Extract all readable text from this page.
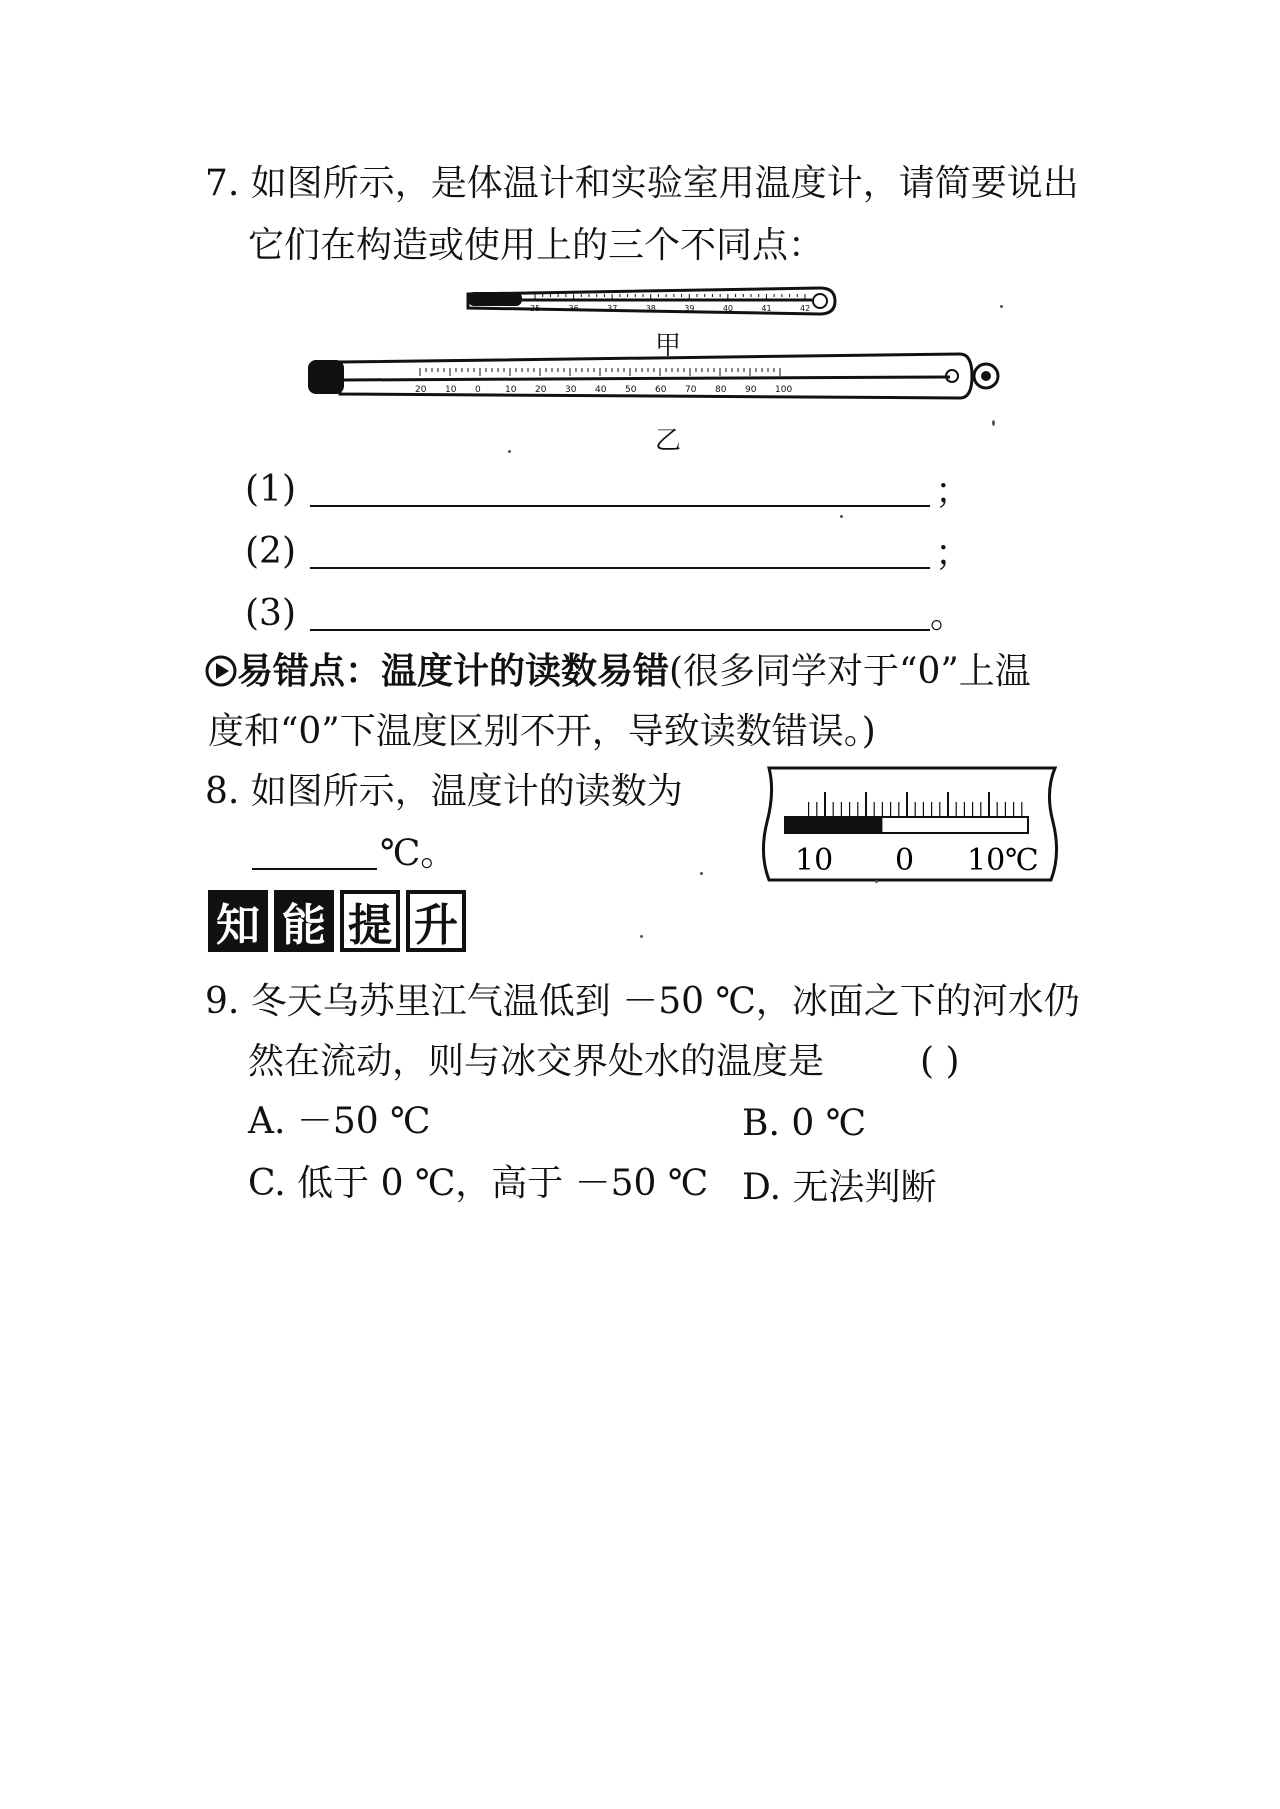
7. 如图所示，是体温计和实验室用温度计，请简要说出
它们在构造或使用上的三个不同点：
35	36	37	38	39	40	41	42
20 10 0	10 20 30 40 50 60 70 80 90 100
甲
乙
(1)	；
(2)	；
(3)	。
易错点：温度计的读数易错(很多同学对于“0”上温
度和“0”下温度区别不开，导致读数错误。)
8. 如图所示，温度计的读数为
℃。	10 0 10℃
知 能 提 升
9. 冬天乌苏里江气温低到 －50 ℃，冰面之下的河水仍
然在流动，则与冰交界处水的温度是	( )
A. －50 ℃	B. 0 ℃
C. 低于 0 ℃，高于 －50 ℃ D. 无法判断
